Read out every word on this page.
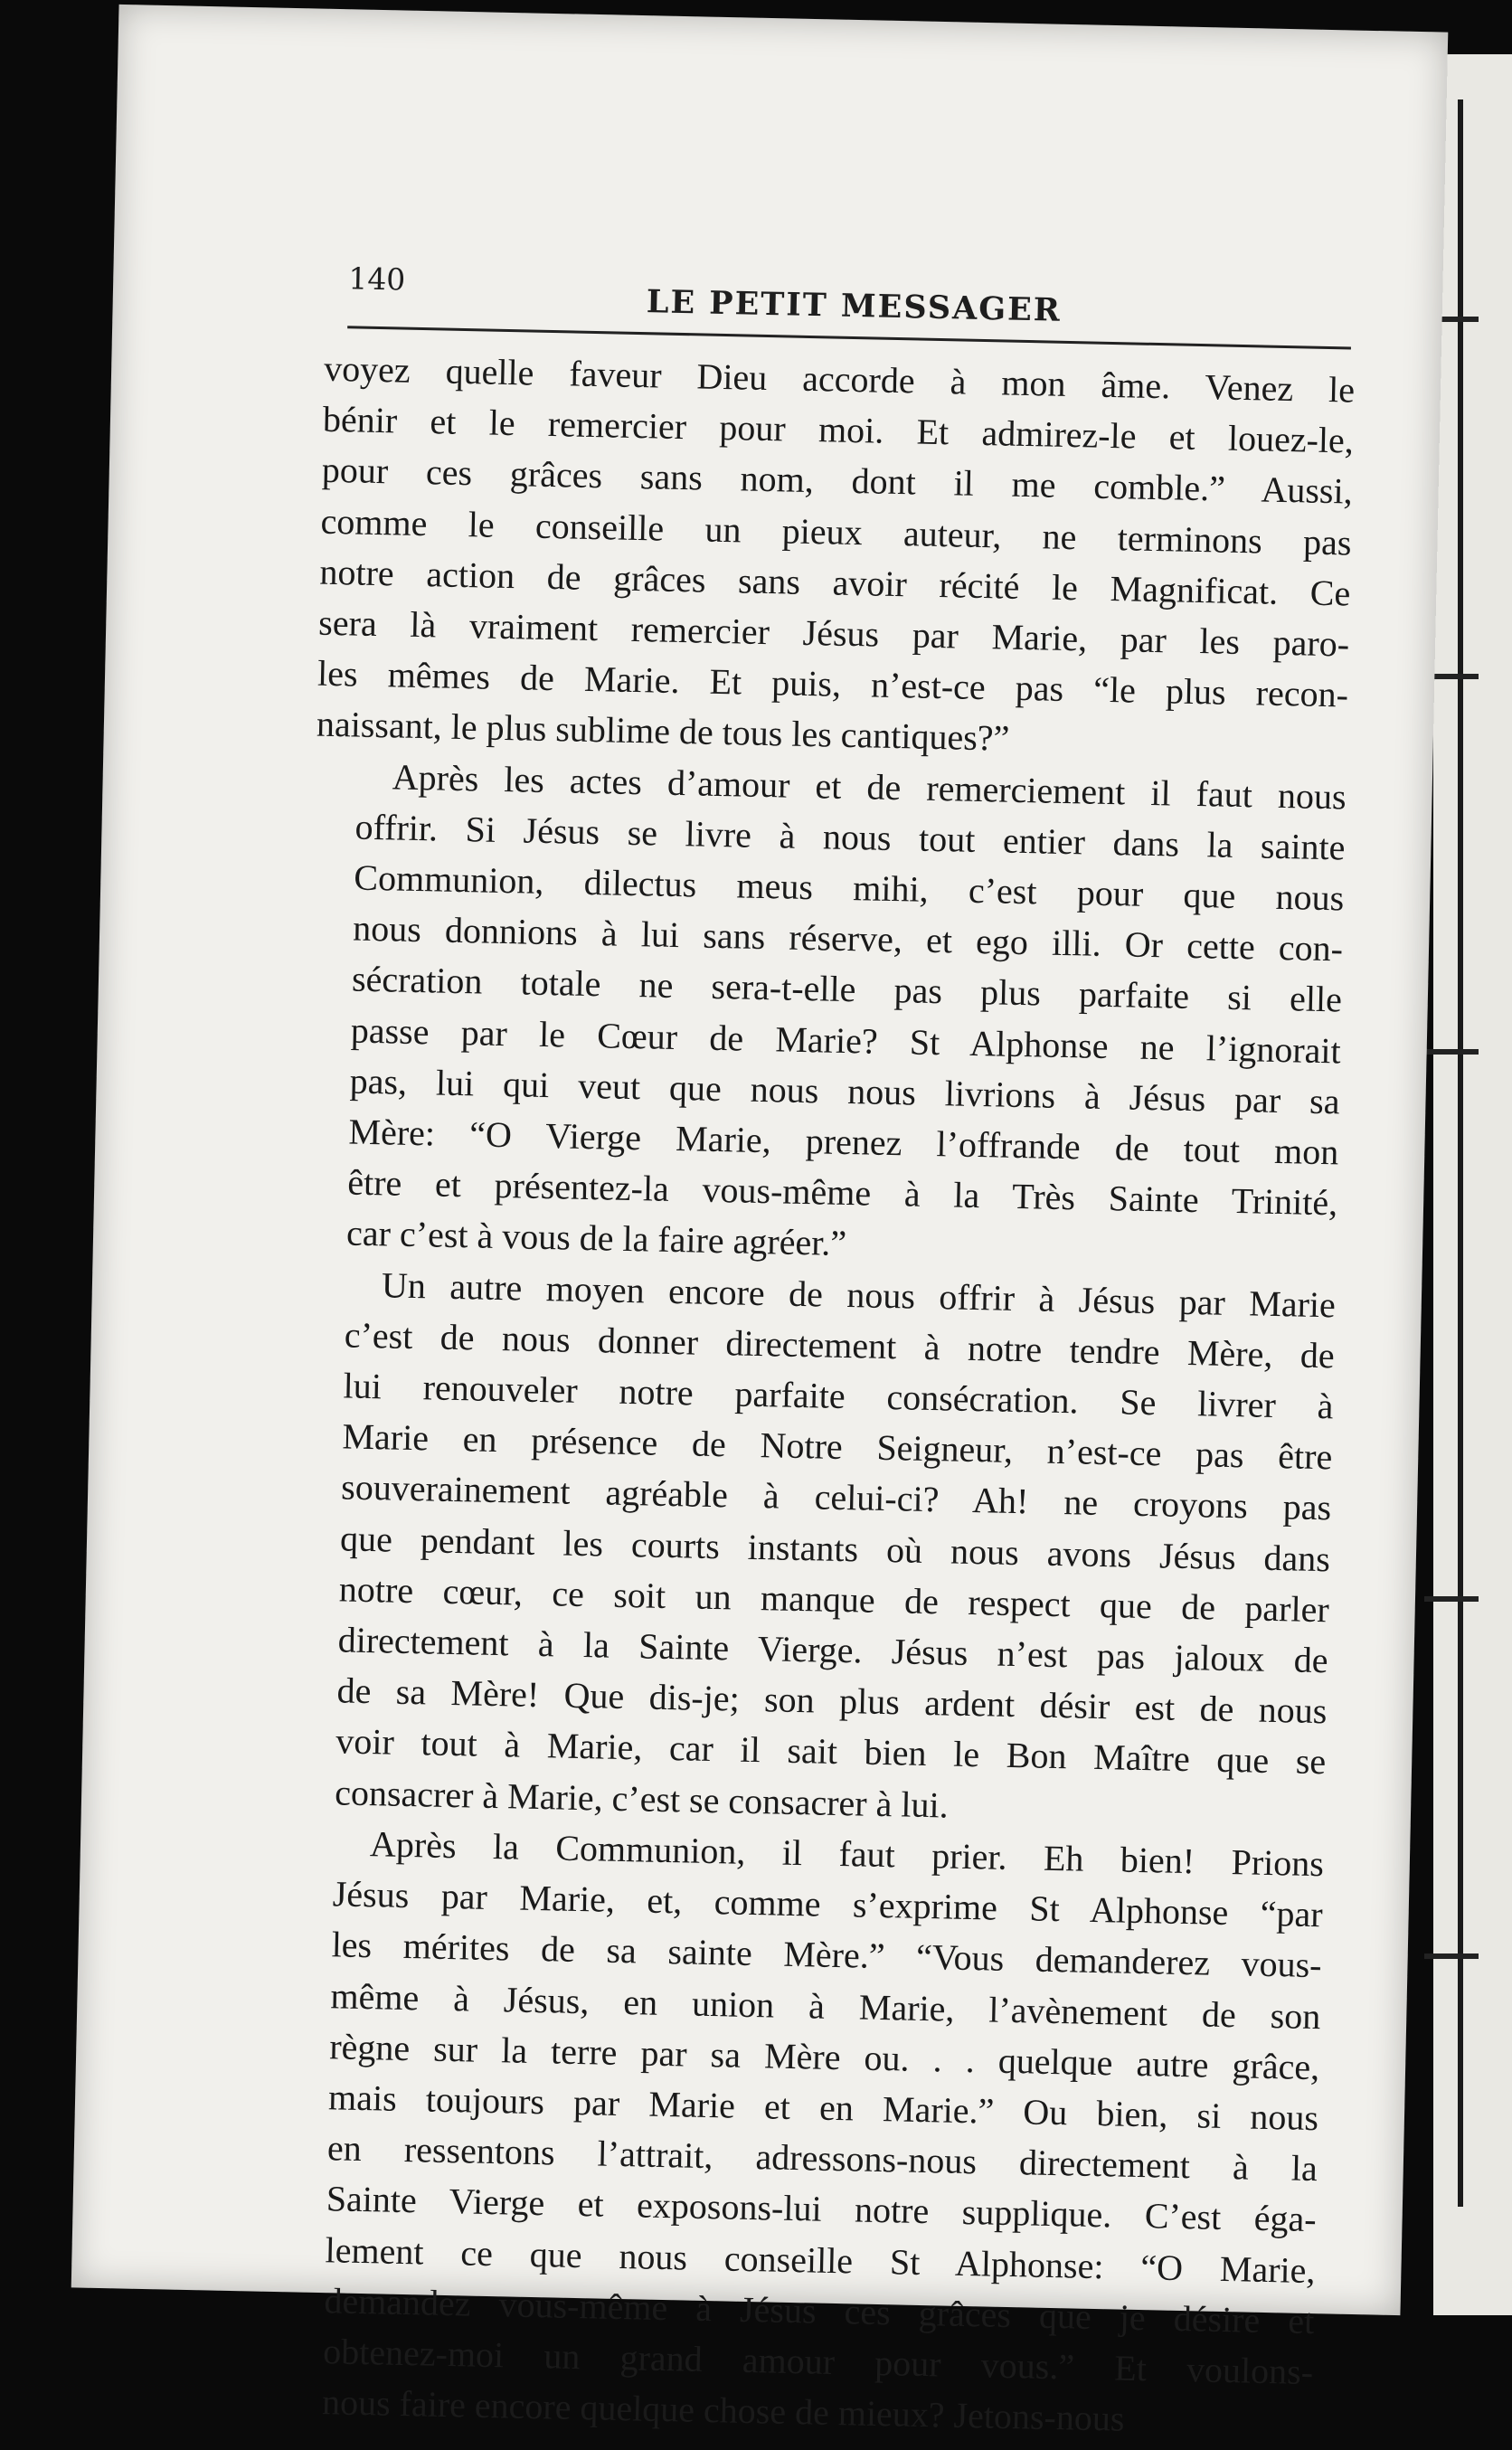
140
LE PETIT MESSAGER
voyez quelle faveur Dieu accorde à mon âme. Venez le
bénir et le remercier pour moi. Et admirez-le et louez-le,
pour ces grâces sans nom, dont il me comble.” Aussi,
comme le conseille un pieux auteur, ne terminons pas
notre action de grâces sans avoir récité le Magnificat. Ce
sera là vraiment remercier Jésus par Marie, par les paro-
les mêmes de Marie. Et puis, n’est-ce pas “le plus recon-
naissant, le plus sublime de tous les cantiques?”
Après les actes d’amour et de remerciement il faut nous
offrir. Si Jésus se livre à nous tout entier dans la sainte
Communion, dilectus meus mihi, c’est pour que nous
nous donnions à lui sans réserve, et ego illi. Or cette con-
sécration totale ne sera-t-elle pas plus parfaite si elle
passe par le Cœur de Marie? St Alphonse ne l’ignorait
pas, lui qui veut que nous nous livrions à Jésus par sa
Mère: “O Vierge Marie, prenez l’offrande de tout mon
être et présentez-la vous-même à la Très Sainte Trinité,
car c’est à vous de la faire agréer.”
Un autre moyen encore de nous offrir à Jésus par Marie
c’est de nous donner directement à notre tendre Mère, de
lui renouveler notre parfaite consécration. Se livrer à
Marie en présence de Notre Seigneur, n’est-ce pas être
souverainement agréable à celui-ci? Ah! ne croyons pas
que pendant les courts instants où nous avons Jésus dans
notre cœur, ce soit un manque de respect que de parler
directement à la Sainte Vierge. Jésus n’est pas jaloux de
de sa Mère! Que dis-je; son plus ardent désir est de nous
voir tout à Marie, car il sait bien le Bon Maître que se
consacrer à Marie, c’est se consacrer à lui.
Après la Communion, il faut prier. Eh bien! Prions
Jésus par Marie, et, comme s’exprime St Alphonse “par
les mérites de sa sainte Mère.” “Vous demanderez vous-
même à Jésus, en union à Marie, l’avènement de son
règne sur la terre par sa Mère ou. . . quelque autre grâce,
mais toujours par Marie et en Marie.” Ou bien, si nous
en ressentons l’attrait, adressons-nous directement à la
Sainte Vierge et exposons-lui notre supplique. C’est éga-
lement ce que nous conseille St Alphonse: “O Marie,
demandez vous-même à Jésus ces grâces que je désire et
obtenez-moi un grand amour pour vous.” Et voulons-
nous faire encore quelque chose de mieux? Jetons-nous
